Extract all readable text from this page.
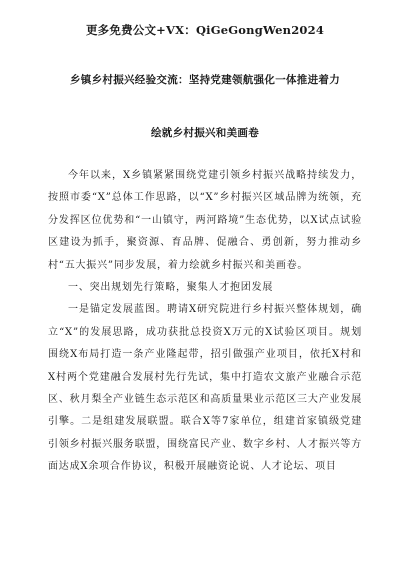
更多免费公文+VX：QiGeGongWen2024
乡镇乡村振兴经验交流：坚持党建领航强化一体推进着力
绘就乡村振兴和美画卷

今年以来，X乡镇紧紧围绕党建引领乡村振兴战略持续发力，按照市委“X”总体工作思路，以“X”乡村振兴区域品牌为统领，充分发挥区位优势和“一山镇守，两河路境”生态优势，以X试点试验区建设为抓手，聚资源、育品牌、促融合、勇创新，努力推动乡村“五大振兴”同步发展，着力绘就乡村振兴和美画卷。

一、突出规划先行策略，聚集人才抱团发展

一是锚定发展蓝图。聘请X研究院进行乡村振兴整体规划，确立“X”的发展思路，成功获批总投资X万元的X试验区项目。规划围绕X布局打造一条产业隆起带，招引做强产业项目，依托X村和X村两个党建融合发展村先行先试，集中打造农文旅产业融合示范区、秋月梨全产业链生态示范区和高质量果业示范区三大产业发展引擎。二是组建发展联盟。联合X等7家单位，组建首家镇级党建引领乡村振兴服务联盟，围绕富民产业、数字乡村、人才振兴等方面达成X余项合作协议，积极开展融资论说、人才论坛、项目
